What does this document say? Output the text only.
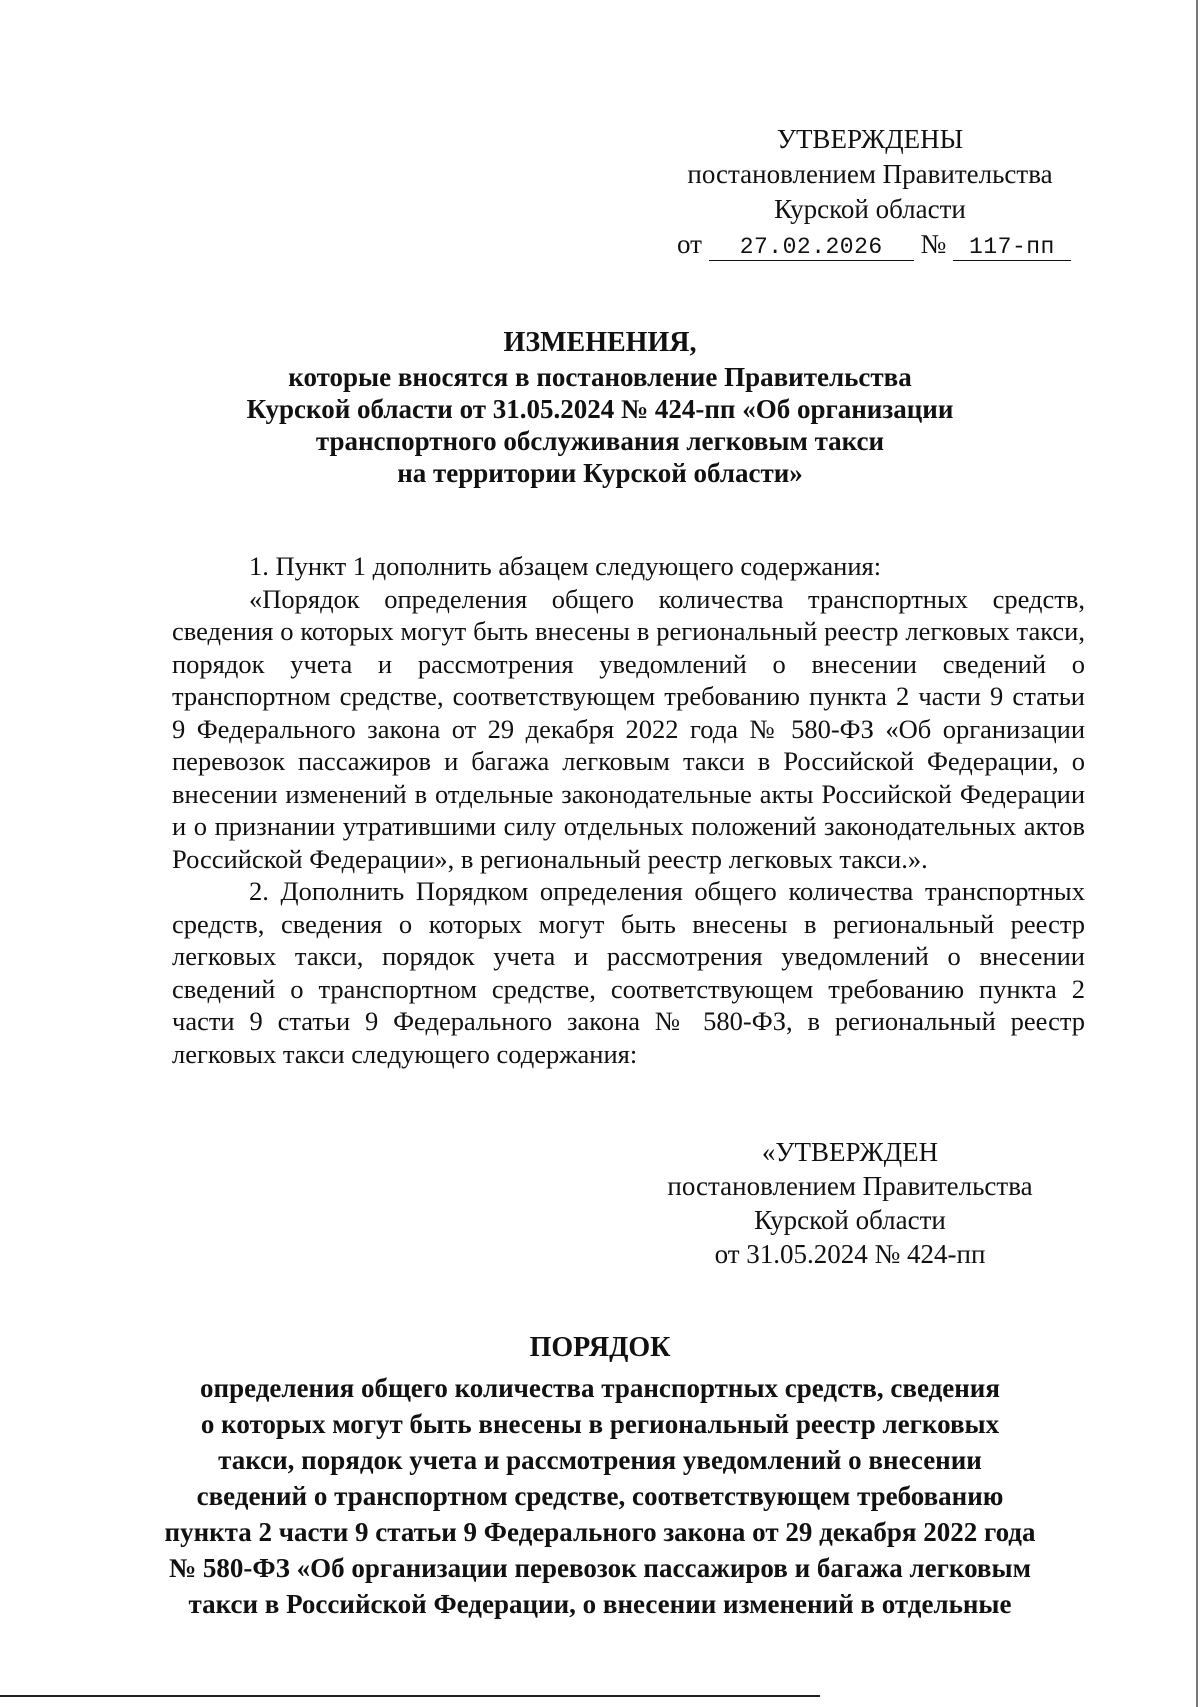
УТВЕРЖДЕНЫ
постановлением Правительства
Курской области
от 27.02.2026 № 117-пп
ИЗМЕНЕНИЯ,
которые вносятся в постановление Правительства
Курской области от 31.05.2024 № 424-пп «Об организации
транспортного обслуживания легковым такси
на территории Курской области»

1. Пункт 1 дополнить абзацем следующего содержания:

«Порядок определения общего количества транспортных средств, сведения о которых могут быть внесены в региональный реестр легковых такси, порядок учета и рассмотрения уведомлений о внесении сведений о транспортном средстве, соответствующем требованию пункта 2 части 9 статьи 9 Федерального закона от 29 декабря 2022 года № 580-ФЗ «Об организации перевозок пассажиров и багажа легковым такси в Российской Федерации, о внесении изменений в отдельные законодательные акты Российской Федерации и о признании утратившими силу отдельных положений законодательных актов Российской Федерации», в региональный реестр легковых такси.».

2. Дополнить Порядком определения общего количества транспортных средств, сведения о которых могут быть внесены в региональный реестр легковых такси, порядок учета и рассмотрения уведомлений о внесении сведений о транспортном средстве, соответствующем требованию пункта 2 части 9 статьи 9 Федерального закона № 580-ФЗ, в региональный реестр легковых такси следующего содержания:

«УТВЕРЖДЕН
постановлением Правительства
Курской области
от 31.05.2024 № 424-пп
ПОРЯДОК
определения общего количества транспортных средств, сведения
о которых могут быть внесены в региональный реестр легковых
такси, порядок учета и рассмотрения уведомлений о внесении
сведений о транспортном средстве, соответствующем требованию
пункта 2 части 9 статьи 9 Федерального закона от 29 декабря 2022 года
№ 580-ФЗ «Об организации перевозок пассажиров и багажа легковым
такси в Российской Федерации, о внесении изменений в отдельные
